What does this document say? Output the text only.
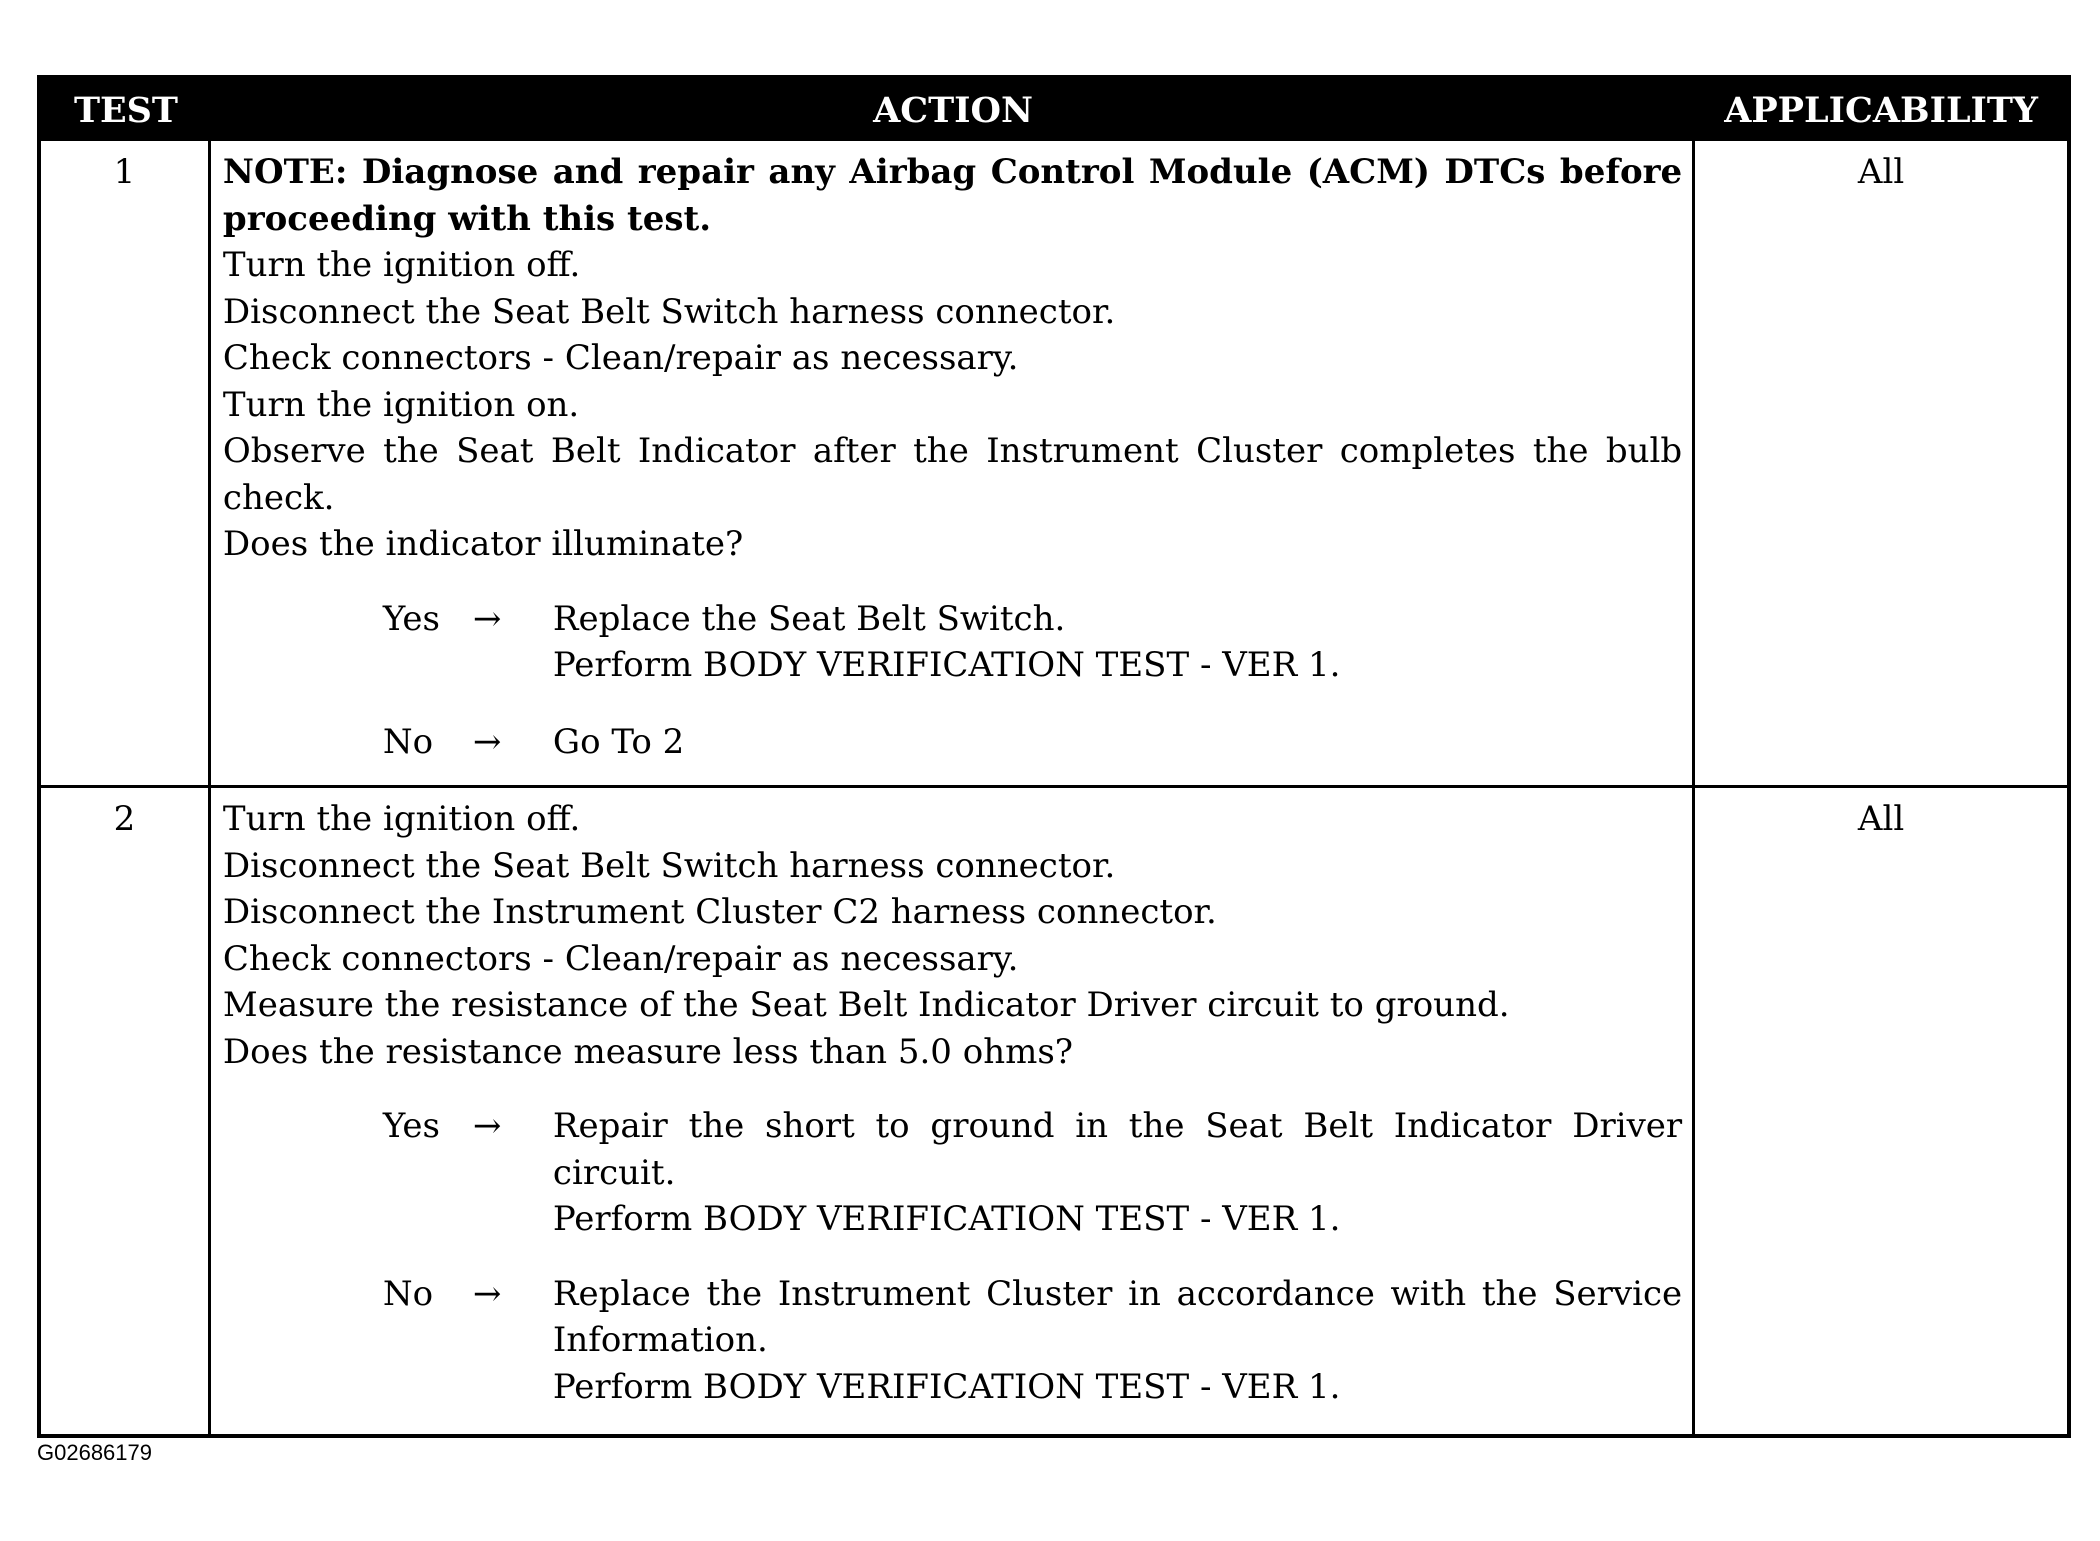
TEST	ACTION	APPLICABILITY
1	NOTE: Diagnose and repair any Airbag Control Module (ACM) DTCs before proceeding with this test.
Turn the ignition off.
Disconnect the Seat Belt Switch harness connector.
Check connectors - Clean/repair as necessary.
Turn the ignition on.
Observe the Seat Belt Indicator after the Instrument Cluster completes the bulb check.
Does the indicator illuminate?
Yes →	Replace the Seat Belt Switch.
Perform BODY VERIFICATION TEST - VER 1.
No	→	Go To 2
All
2	Turn the ignition off.
Disconnect the Seat Belt Switch harness connector.
Disconnect the Instrument Cluster C2 harness connector.
Check connectors - Clean/repair as necessary.
Measure the resistance of the Seat Belt Indicator Driver circuit to ground.
Does the resistance measure less than 5.0 ohms?
Yes →	Repair the short to ground in the Seat Belt Indicator Driver circuit.
Perform BODY VERIFICATION TEST - VER 1.
No	→	Replace the Instrument Cluster in accordance with the Service Information.
Perform BODY VERIFICATION TEST - VER 1.
All
G02686179
